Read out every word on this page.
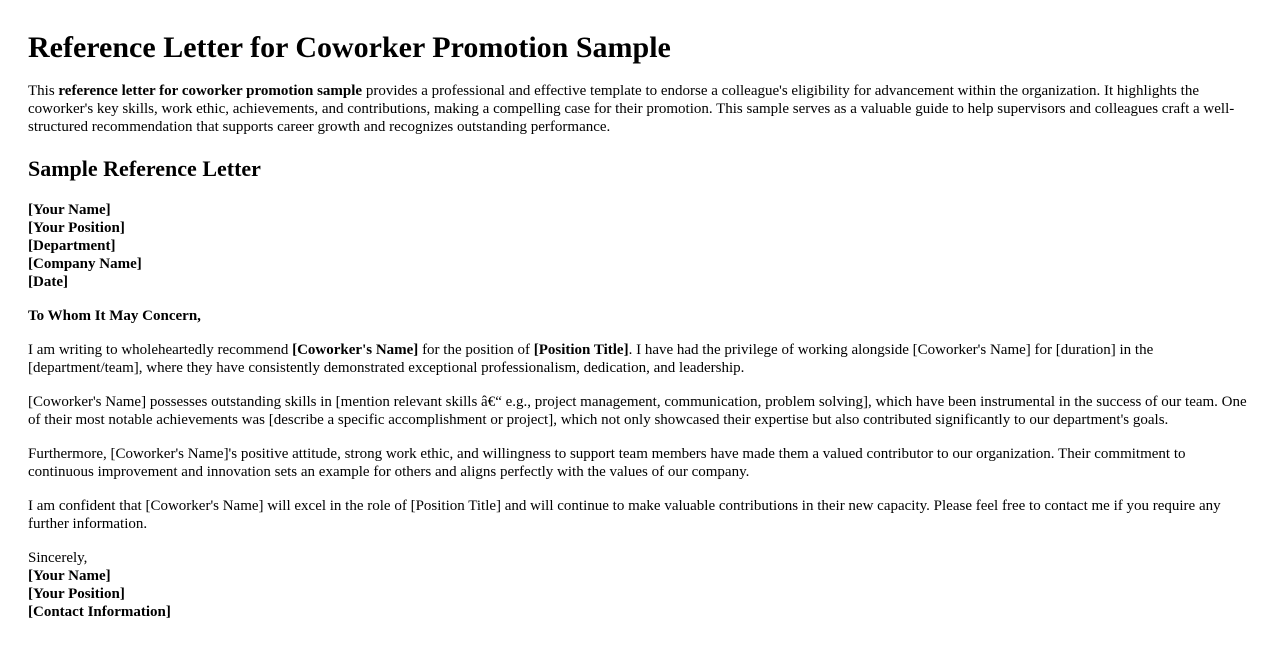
Reference Letter for Coworker Promotion Sample

This reference letter for coworker promotion sample provides a professional and effective template to endorse a colleague's eligibility for advancement within the organization. It highlights the coworker's key skills, work ethic, achievements, and contributions, making a compelling case for their promotion. This sample serves as a valuable guide to help supervisors and colleagues craft a well-structured recommendation that supports career growth and recognizes outstanding performance.

Sample Reference Letter
[Your Name]
[Your Position]
[Department]
[Company Name]
[Date]
To Whom It May Concern,

I am writing to wholeheartedly recommend [Coworker's Name] for the position of [Position Title]. I have had the privilege of working alongside [Coworker's Name] for [duration] in the [department/team], where they have consistently demonstrated exceptional professionalism, dedication, and leadership.

[Coworker's Name] possesses outstanding skills in [mention relevant skills â€“ e.g., project management, communication, problem solving], which have been instrumental in the success of our team. One of their most notable achievements was [describe a specific accomplishment or project], which not only showcased their expertise but also contributed significantly to our department's goals.

Furthermore, [Coworker's Name]'s positive attitude, strong work ethic, and willingness to support team members have made them a valued contributor to our organization. Their commitment to continuous improvement and innovation sets an example for others and aligns perfectly with the values of our company.

I am confident that [Coworker's Name] will excel in the role of [Position Title] and will continue to make valuable contributions in their new capacity. Please feel free to contact me if you require any further information.

Sincerely,
[Your Name]
[Your Position]
[Contact Information]
